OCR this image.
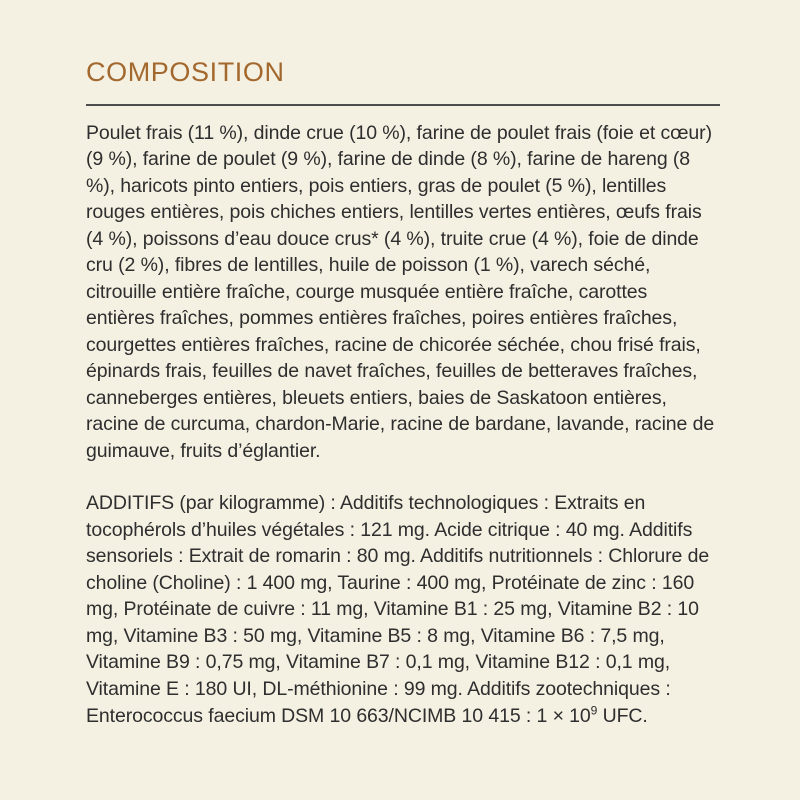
COMPOSITION

Poulet frais (11 %), dinde crue (10 %), farine de poulet frais (foie et cœur) (9 %), farine de poulet (9 %), farine de dinde (8 %), farine de hareng (8 %), haricots pinto entiers, pois entiers, gras de poulet (5 %), lentilles rouges entières, pois chiches entiers, lentilles vertes entières, œufs frais (4 %), poissons d’eau douce crus* (4 %), truite crue (4 %), foie de dinde cru (2 %), fibres de lentilles, huile de poisson (1 %), varech séché, citrouille entière fraîche, courge musquée entière fraîche, carottes entières fraîches, pommes entières fraîches, poires entières fraîches, courgettes entières fraîches, racine de chicorée séchée, chou frisé frais, épinards frais, feuilles de navet fraîches, feuilles de betteraves fraîches, canneberges entières, bleuets entiers, baies de Saskatoon entières, racine de curcuma, chardon-Marie, racine de bardane, lavande, racine de guimauve, fruits d’églantier.

ADDITIFS (par kilogramme) : Additifs technologiques : Extraits en tocophérols d’huiles végétales : 121 mg. Acide citrique : 40 mg. Additifs sensoriels : Extrait de romarin : 80 mg. Additifs nutritionnels : Chlorure de choline (Choline) : 1 400 mg, Taurine : 400 mg, Protéinate de zinc : 160 mg, Protéinate de cuivre : 11 mg, Vitamine B1 : 25 mg, Vitamine B2 : 10 mg, Vitamine B3 : 50 mg, Vitamine B5 : 8 mg, Vitamine B6 : 7,5 mg, Vitamine B9 : 0,75 mg, Vitamine B7 : 0,1 mg, Vitamine B12 : 0,1 mg, Vitamine E : 180 UI, DL-méthionine : 99 mg. Additifs zootechniques : Enterococcus faecium DSM 10 663/NCIMB 10 415 : $1 \times 10^9$ UFC.
